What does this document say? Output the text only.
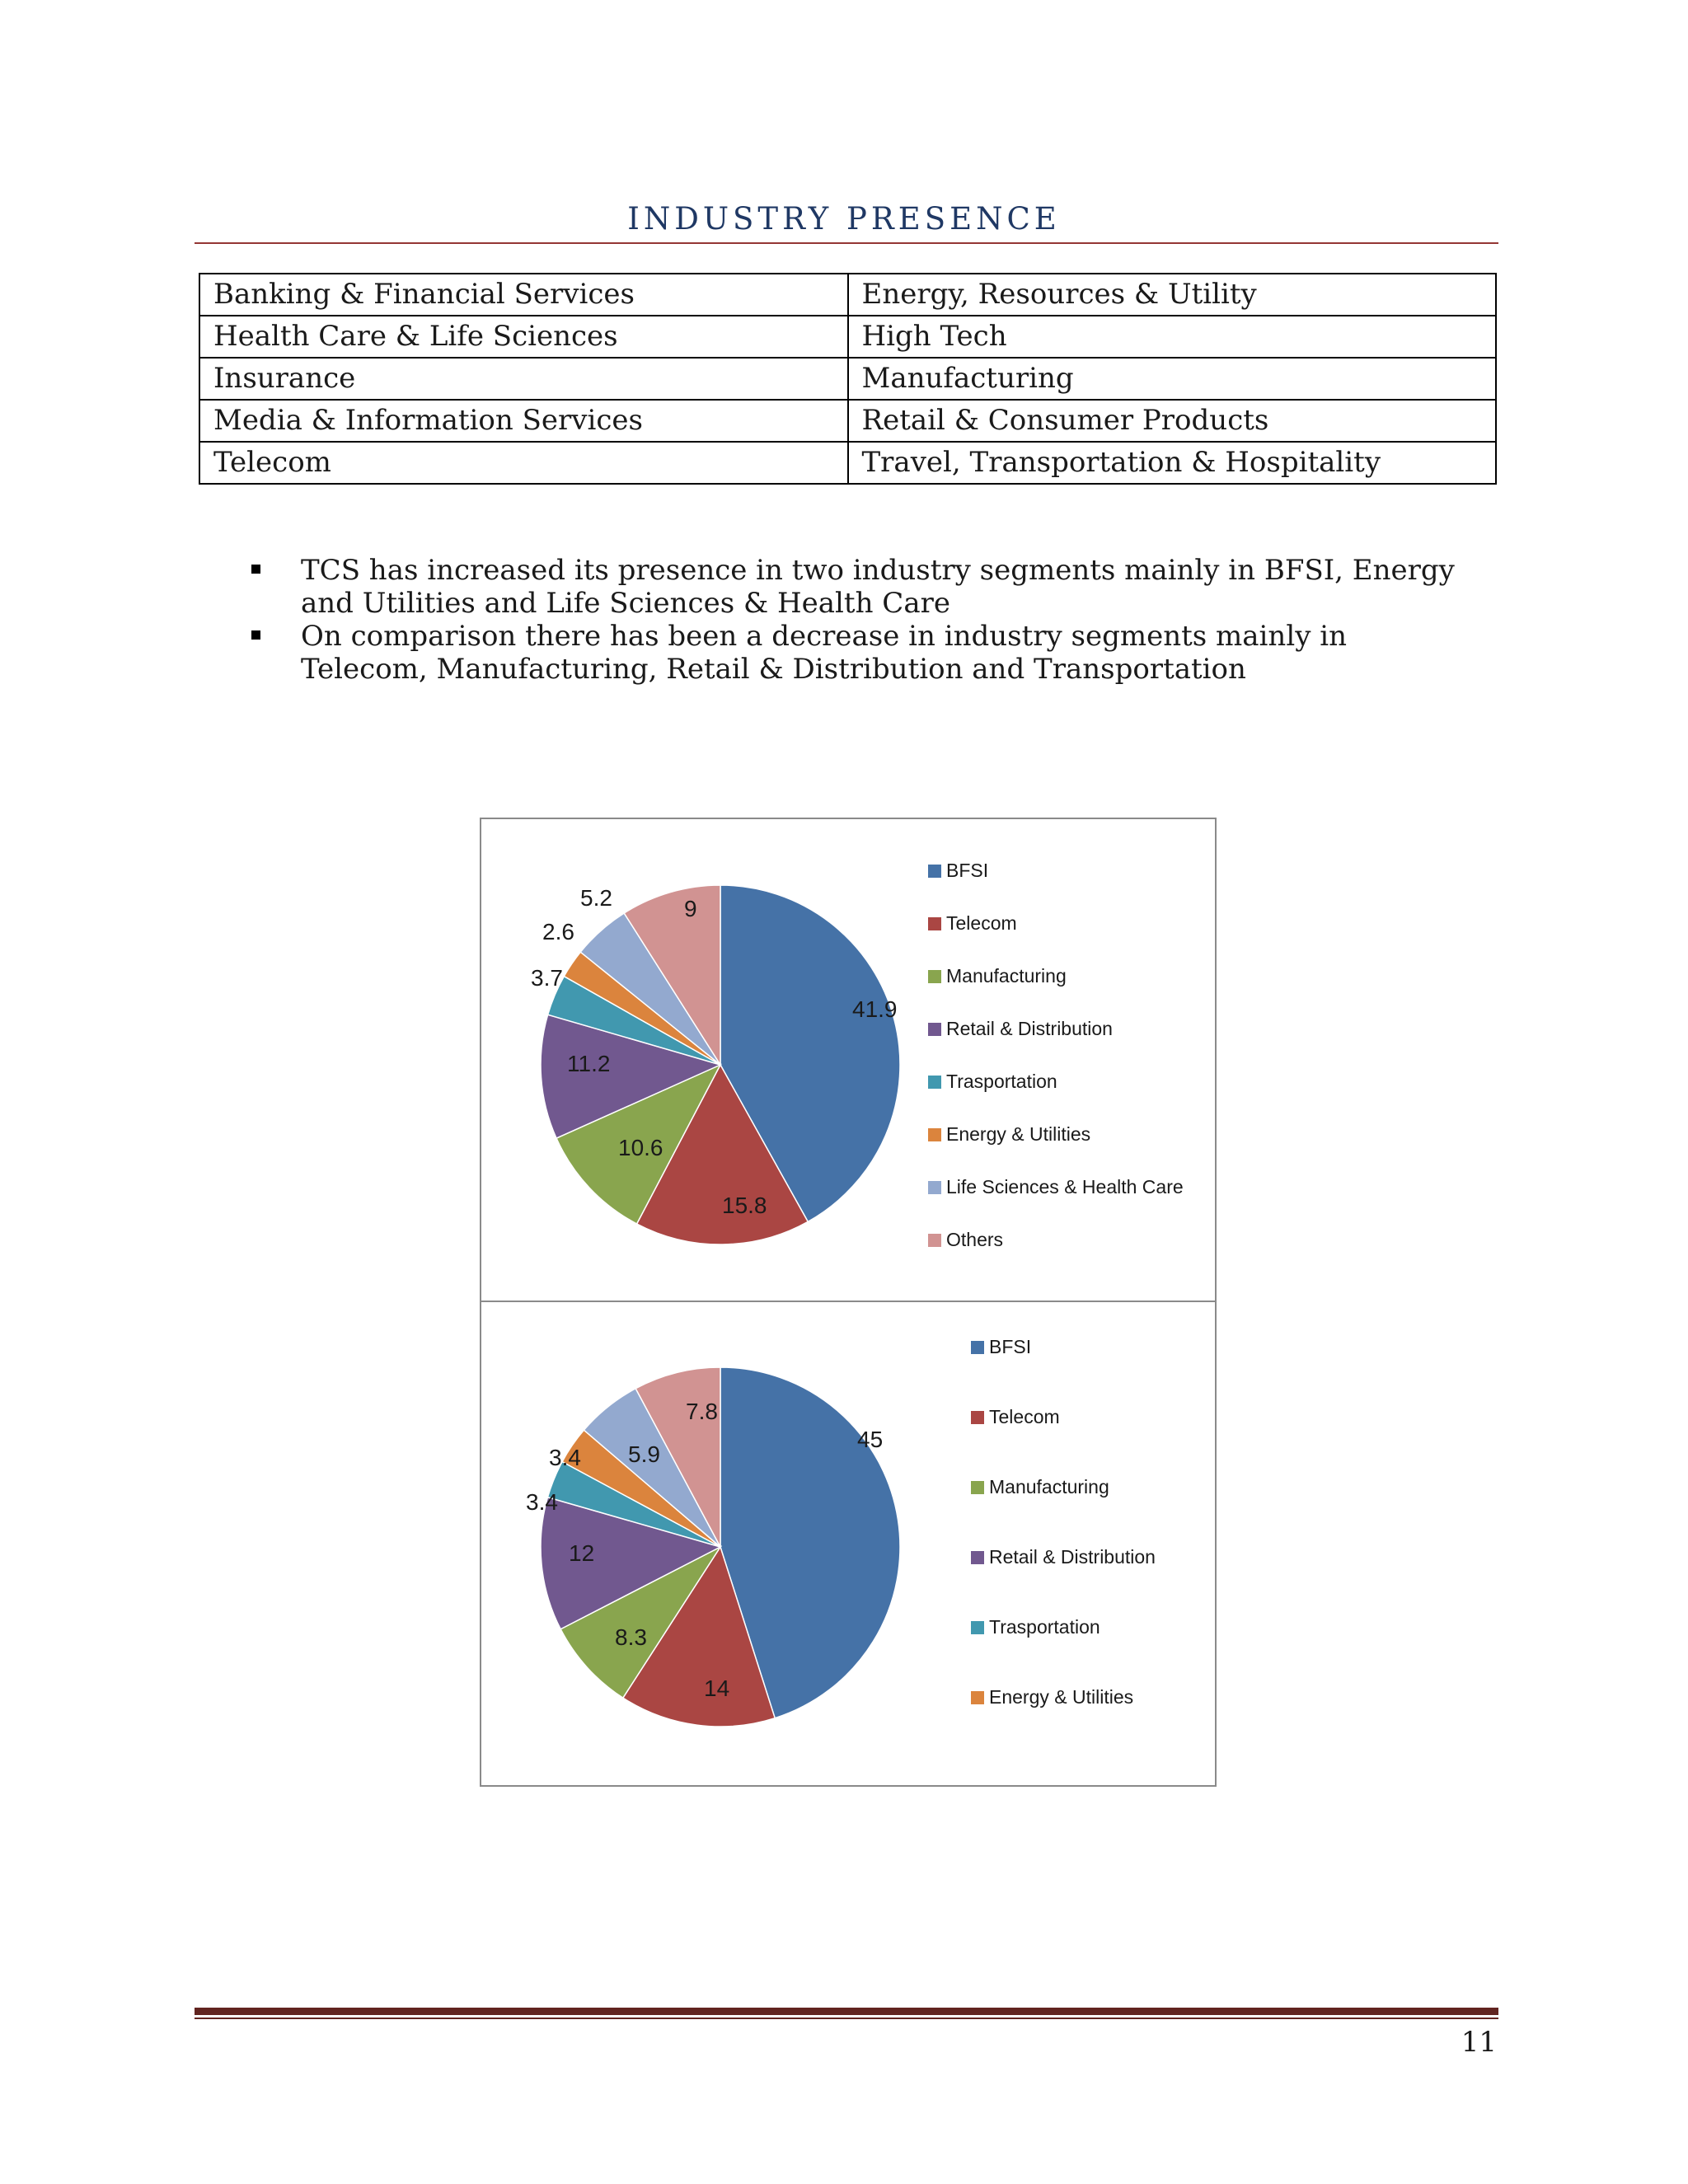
INDUSTRY PRESENCE
Banking & Financial Services	Energy, Resources & Utility
Health Care & Life Sciences	High Tech
Insurance	Manufacturing
Media & Information Services	Retail & Consumer Products
Telecom	Travel, Transportation & Hospitality
TCS has increased its presence in two industry segments mainly in BFSI, Energy and Utilities and Life Sciences & Health Care
On comparison there has been a decrease in industry segments mainly in Telecom, Manufacturing, Retail & Distribution and Transportation
41.9
15.8
10.6
11.2
3.7
2.6
5.2	9
BFSI
Telecom
Manufacturing
Retail & Distribution
Trasportation
Energy & Utilities
Life Sciences & Health Care
Others
45
14
8.3
12
3.4
3.4 5.9
7.8
BFSI
Telecom
Manufacturing
Retail & Distribution
Trasportation
Energy & Utilities
11
